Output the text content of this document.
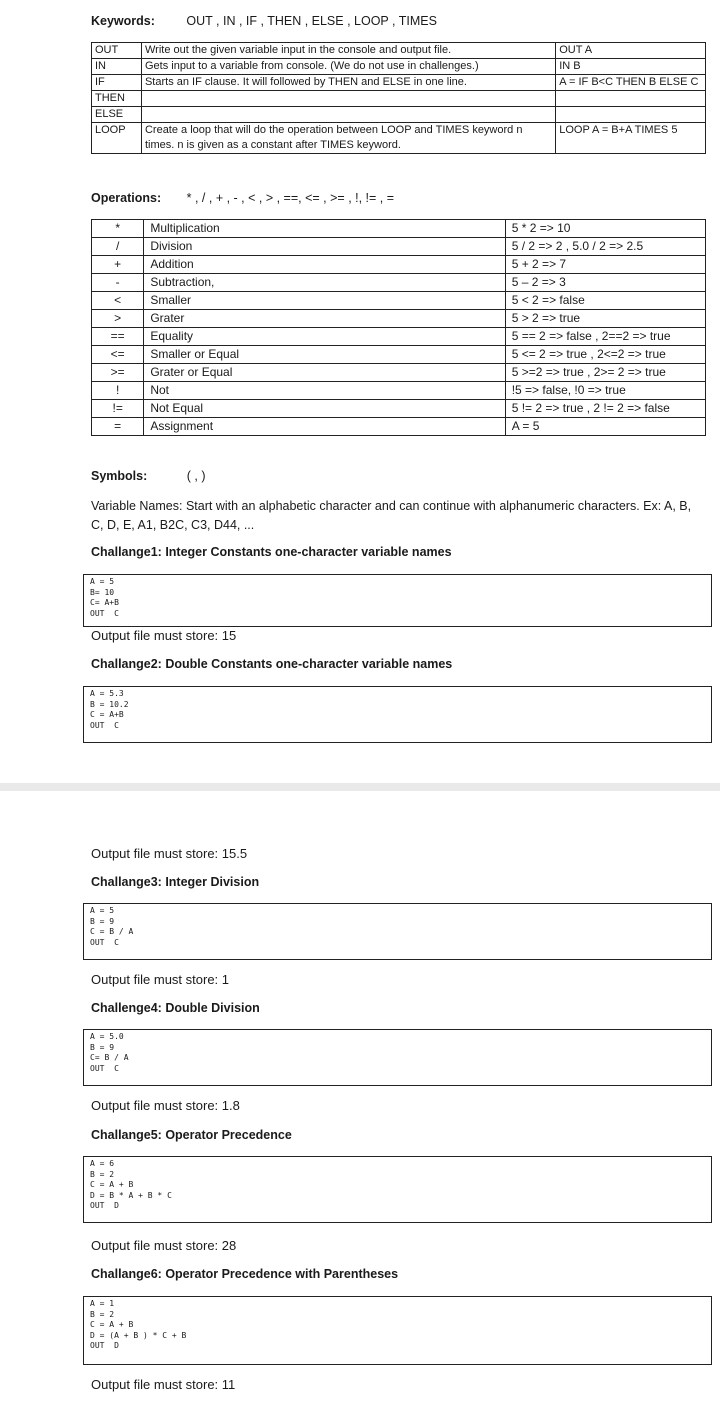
Keywords:	OUT , IN , IF , THEN , ELSE , LOOP , TIMES
OUT	Write out the given variable input in the console and output file.	OUT A
IN	Gets input to a variable from console. (We do not use in challenges.)	IN B
IF	Starts an IF clause. It will followed by THEN and ELSE in one line.	A = IF B<C THEN B ELSE C
THEN		
ELSE		
LOOP	Create a loop that will do the operation between LOOP and TIMES keyword n times. n is given as a constant after TIMES keyword.	LOOP A = B+A TIMES 5
Operations: * , / , + , - , < , > , ==, <= , >= , !, != , =
*	Multiplication	5 * 2 => 10
/	Division	5 / 2 => 2 , 5.0 / 2 => 2.5
+	Addition	5 + 2 => 7
-	Subtraction,	5 – 2 => 3
<	Smaller	5 < 2 => false
>	Grater	5 > 2 => true
==	Equality	5 == 2 => false , 2==2 => true
<=	Smaller or Equal	5 <= 2 => true , 2<=2 => true
>=	Grater or Equal	5 >=2 => true , 2>= 2 => true
!	Not	!5 => false, !0 => true
!=	Not Equal	5 != 2 => true , 2 != 2 => false
=	Assignment	A = 5
Symbols:	( , )
Variable Names: Start with an alphabetic character and can continue with alphanumeric characters. Ex: A, B, C, D, E, A1, B2C, C3, D44, ...
Challange1: Integer Constants one-character variable names
A = 5
B= 10
C= A+B
OUT  C
Output file must store: 15
Challange2: Double Constants one-character variable names
A = 5.3
B = 10.2
C = A+B
OUT  C
Output file must store: 15.5
Challange3: Integer Division
A = 5
B = 9
C = B / A
OUT  C
Output file must store: 1
Challenge4: Double Division
A = 5.0
B = 9
C= B / A
OUT  C
Output file must store: 1.8
Challange5: Operator Precedence
A = 6
B = 2
C = A + B
D = B * A + B * C
OUT  D
Output file must store: 28
Challange6: Operator Precedence with Parentheses
A = 1
B = 2
C = A + B
D = (A + B ) * C + B
OUT  D
Output file must store: 11
